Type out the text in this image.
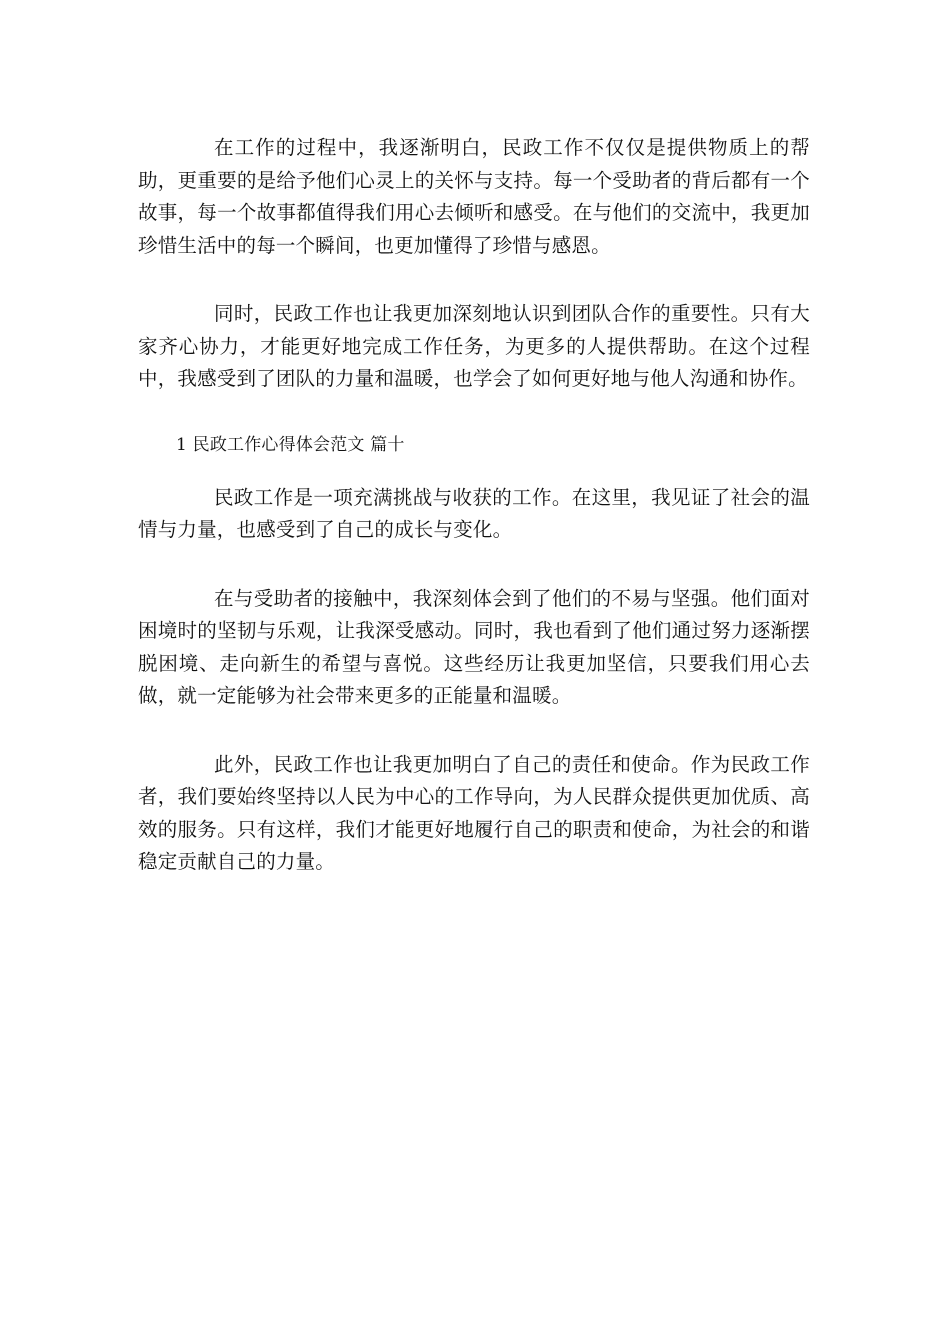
在工作的过程中，我逐渐明白，民政工作不仅仅是提供物质上的帮助，更重要的是给予他们心灵上的关怀与支持。每一个受助者的背后都有一个故事，每一个故事都值得我们用心去倾听和感受。在与他们的交流中，我更加珍惜生活中的每一个瞬间，也更加懂得了珍惜与感恩。

同时，民政工作也让我更加深刻地认识到团队合作的重要性。只有大家齐心协力，才能更好地完成工作任务，为更多的人提供帮助。在这个过程中，我感受到了团队的力量和温暖，也学会了如何更好地与他人沟通和协作。

1 民政工作心得体会范文 篇十

民政工作是一项充满挑战与收获的工作。在这里，我见证了社会的温情与力量，也感受到了自己的成长与变化。

在与受助者的接触中，我深刻体会到了他们的不易与坚强。他们面对困境时的坚韧与乐观，让我深受感动。同时，我也看到了他们通过努力逐渐摆脱困境、走向新生的希望与喜悦。这些经历让我更加坚信，只要我们用心去做，就一定能够为社会带来更多的正能量和温暖。

此外，民政工作也让我更加明白了自己的责任和使命。作为民政工作者，我们要始终坚持以人民为中心的工作导向，为人民群众提供更加优质、高效的服务。只有这样，我们才能更好地履行自己的职责和使命，为社会的和谐稳定贡献自己的力量。
